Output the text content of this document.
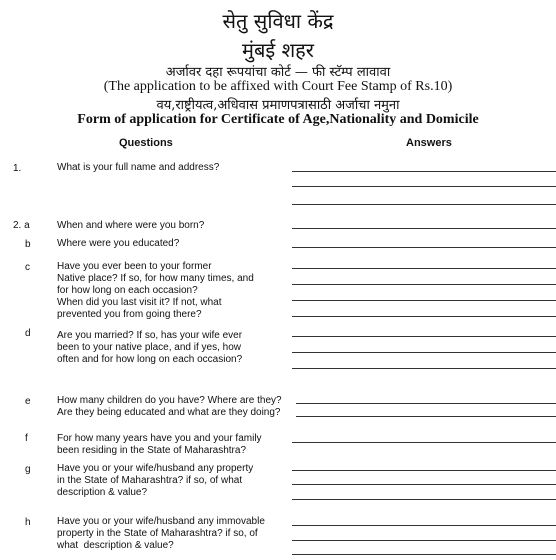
सेतु सुविधा केंद्र
मुंबई शहर
अर्जावर दहा रूपयांचा कोर्ट — फी स्टॅम्प लावावा
(The application to be affixed with Court Fee Stamp of Rs.10)
वय,राष्ट्रीयत्व,अधिवास प्रमाणपत्रासाठी अर्जाचा नमुना
Form of application for Certificate of Age,Nationality and Domicile
Questions	Answers
1.	What is your full name and address?
2. a	When and where were you born?
b	Where were you educated?
c	Have you ever been to your former
Native place? If so, for how many times, and
for how long on each occasion?
When did you last visit it? If not, what
prevented you from going there?
d	Are you married? If so, has your wife ever
been to your native place, and if yes, how
often and for how long on each occasion?
e	How many children do you have? Where are they?
Are they being educated and what are they doing?
f	For how many years have you and your family
been residing in the State of Maharashtra?
g	Have you or your wife/husband any property
in the State of Maharashtra? if so, of what
description & value?
h	Have you or your wife/husband any immovable
property in the State of Maharashtra? if so, of
what  description & value?
